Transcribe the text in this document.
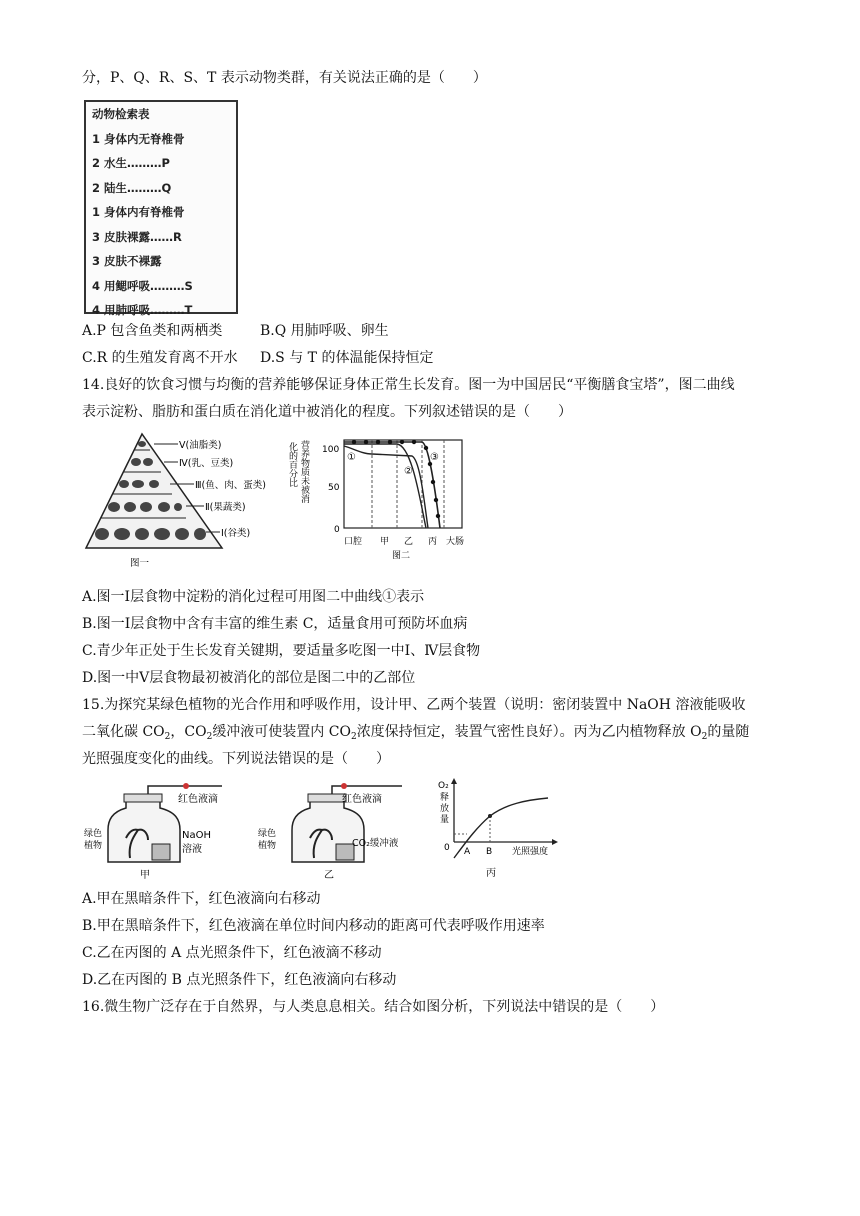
分，P、Q、R、S、T 表示动物类群，有关说法正确的是（　　）
动物检索表
1 身体内无脊椎骨
2 水生………P
2 陆生………Q
1 身体内有脊椎骨
3 皮肤裸露……R
3 皮肤不裸露
4 用鳃呼吸………S
4 用肺呼吸………T
A.P 包含鱼类和两栖类	B.Q 用肺呼吸、卵生
C.R 的生殖发育离不开水 D.S 与 T 的体温能保持恒定
14.良好的饮食习惯与均衡的营养能够保证身体正常生长发育。图一为中国居民“平衡膳食宝塔”，图二曲线
表示淀粉、脂肪和蛋白质在消化道中被消化的程度。下列叙述错误的是（　　）
Ⅴ(油脂类)
Ⅳ(乳、豆类)
Ⅲ(鱼、肉、蛋类)
Ⅱ(果蔬类)
Ⅰ(谷类)
图一
化的百分比 营养物质未被消 100
50
0
①
②
③
口腔 甲 乙 丙 大肠
图二
A.图一Ⅰ层食物中淀粉的消化过程可用图二中曲线①表示
B.图一Ⅰ层食物中含有丰富的维生素 C，适量食用可预防坏血病
C.青少年正处于生长发育关键期，要适量多吃图一中Ⅰ、Ⅳ层食物
D.图一中Ⅴ层食物最初被消化的部位是图二中的乙部位
15.为探究某绿色植物的光合作用和呼吸作用，设计甲、乙两个装置（说明：密闭装置中 NaOH 溶液能吸收
二氧化碳 $CO_2$，$CO_2$缓冲液可使装置内 $CO_2$浓度保持恒定，装置气密性良好）。丙为乙内植物释放 $O_2$的量随
光照强度变化的曲线。下列说法错误的是（　　）
红色液滴
绿色
植物
NaOH
溶液
甲
红色液滴
绿色
植物	CO₂缓冲液
乙
O₂
释
放
量
0 A B 光照强度
丙
A.甲在黑暗条件下，红色液滴向右移动
B.甲在黑暗条件下，红色液滴在单位时间内移动的距离可代表呼吸作用速率
C.乙在丙图的 A 点光照条件下，红色液滴不移动
D.乙在丙图的 B 点光照条件下，红色液滴向右移动
16.微生物广泛存在于自然界，与人类息息相关。结合如图分析，下列说法中错误的是（　　）
